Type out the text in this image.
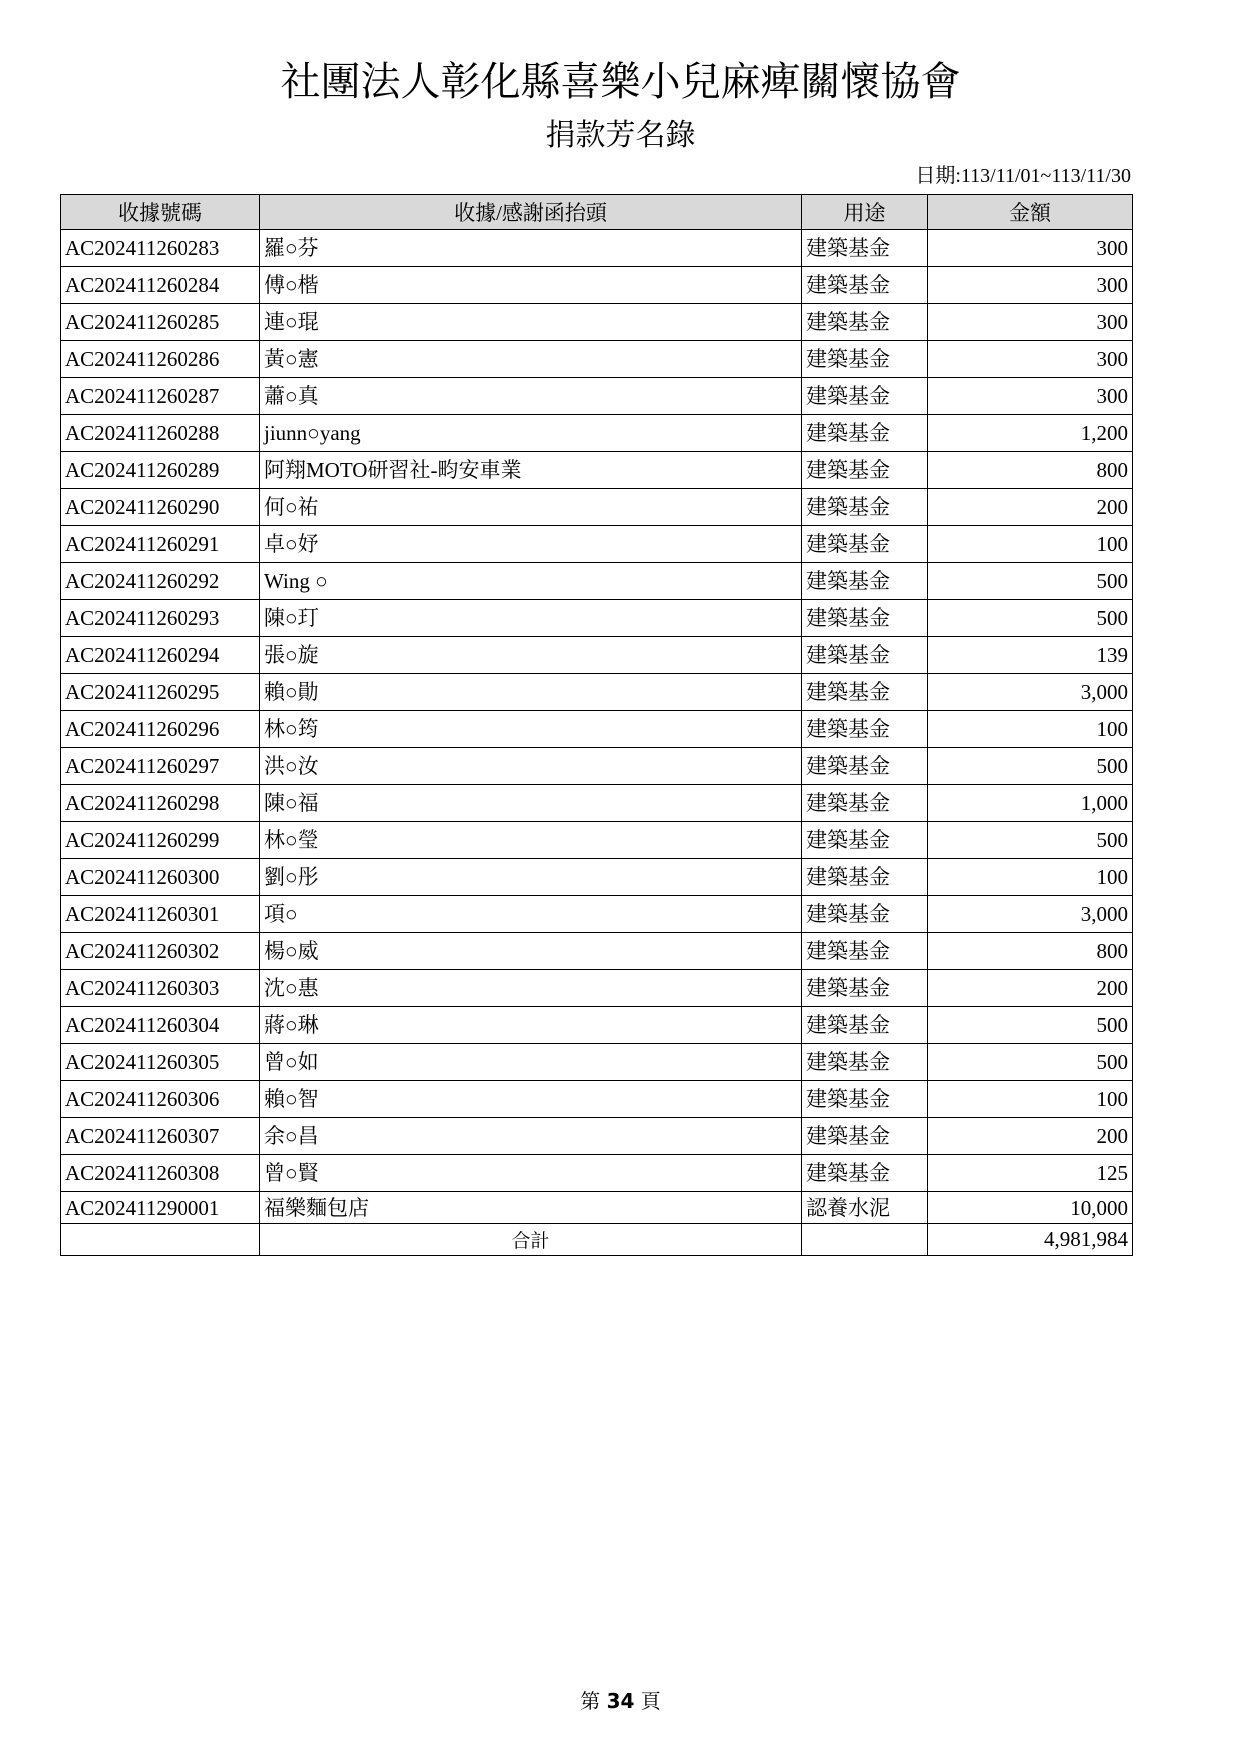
社團法人彰化縣喜樂小兒麻痺關懷協會
捐款芳名錄
日期:113/11/01~113/11/30
收據號碼	收據/感謝函抬頭	用途	金額
AC202411260283	羅○芬	建築基金	300
AC202411260284	傅○楷	建築基金	300
AC202411260285	連○琨	建築基金	300
AC202411260286	黃○憲	建築基金	300
AC202411260287	蕭○真	建築基金	300
AC202411260288	jiunn○yang	建築基金	1,200
AC202411260289	阿翔MOTO研習社-畇安車業	建築基金	800
AC202411260290	何○祐	建築基金	200
AC202411260291	卓○妤	建築基金	100
AC202411260292	Wing ○	建築基金	500
AC202411260293	陳○玎	建築基金	500
AC202411260294	張○旋	建築基金	139
AC202411260295	賴○勛	建築基金	3,000
AC202411260296	林○筠	建築基金	100
AC202411260297	洪○汝	建築基金	500
AC202411260298	陳○福	建築基金	1,000
AC202411260299	林○瑩	建築基金	500
AC202411260300	劉○彤	建築基金	100
AC202411260301	項○	建築基金	3,000
AC202411260302	楊○威	建築基金	800
AC202411260303	沈○惠	建築基金	200
AC202411260304	蔣○琳	建築基金	500
AC202411260305	曾○如	建築基金	500
AC202411260306	賴○智	建築基金	100
AC202411260307	余○昌	建築基金	200
AC202411260308	曾○賢	建築基金	125
AC202411290001	福樂麵包店	認養水泥	10,000
	合計		4,981,984
第 34 頁
